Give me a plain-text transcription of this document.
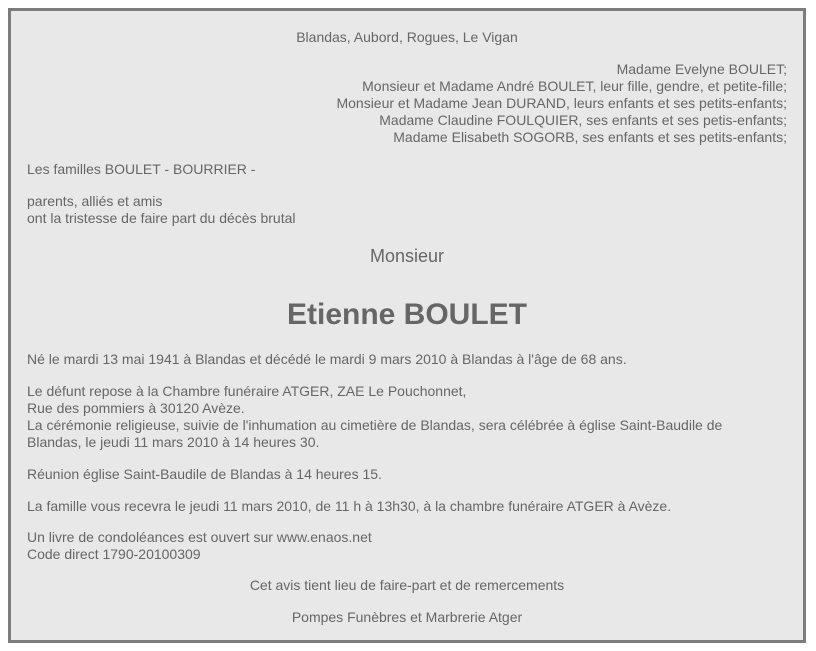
Blandas, Aubord, Rogues, Le Vigan
Madame Evelyne BOULET;
Monsieur et Madame André BOULET, leur fille, gendre, et petite-fille;
Monsieur et Madame Jean DURAND, leurs enfants et ses petits-enfants;
Madame Claudine FOULQUIER, ses enfants et ses petis-enfants;
Madame Elisabeth SOGORB, ses enfants et ses petits-enfants;
Les familles BOULET - BOURRIER -
parents, alliés et amis
ont la tristesse de faire part du décès brutal
Monsieur
Etienne BOULET
Né le mardi 13 mai 1941 à Blandas et décédé le mardi 9 mars 2010 à Blandas à l'âge de 68 ans.
Le défunt repose à la Chambre funéraire ATGER, ZAE Le Pouchonnet,
Rue des pommiers à 30120 Avèze.
La cérémonie religieuse, suivie de l'inhumation au cimetière de Blandas, sera célébrée à église Saint-Baudile de
Blandas, le jeudi 11 mars 2010 à 14 heures 30.
Réunion église Saint-Baudile de Blandas à 14 heures 15.
La famille vous recevra le jeudi 11 mars 2010, de 11 h à 13h30, à la chambre funéraire ATGER à Avèze.
Un livre de condoléances est ouvert sur www.enaos.net
Code direct 1790-20100309
Cet avis tient lieu de faire-part et de remercements
Pompes Funèbres et Marbrerie Atger
